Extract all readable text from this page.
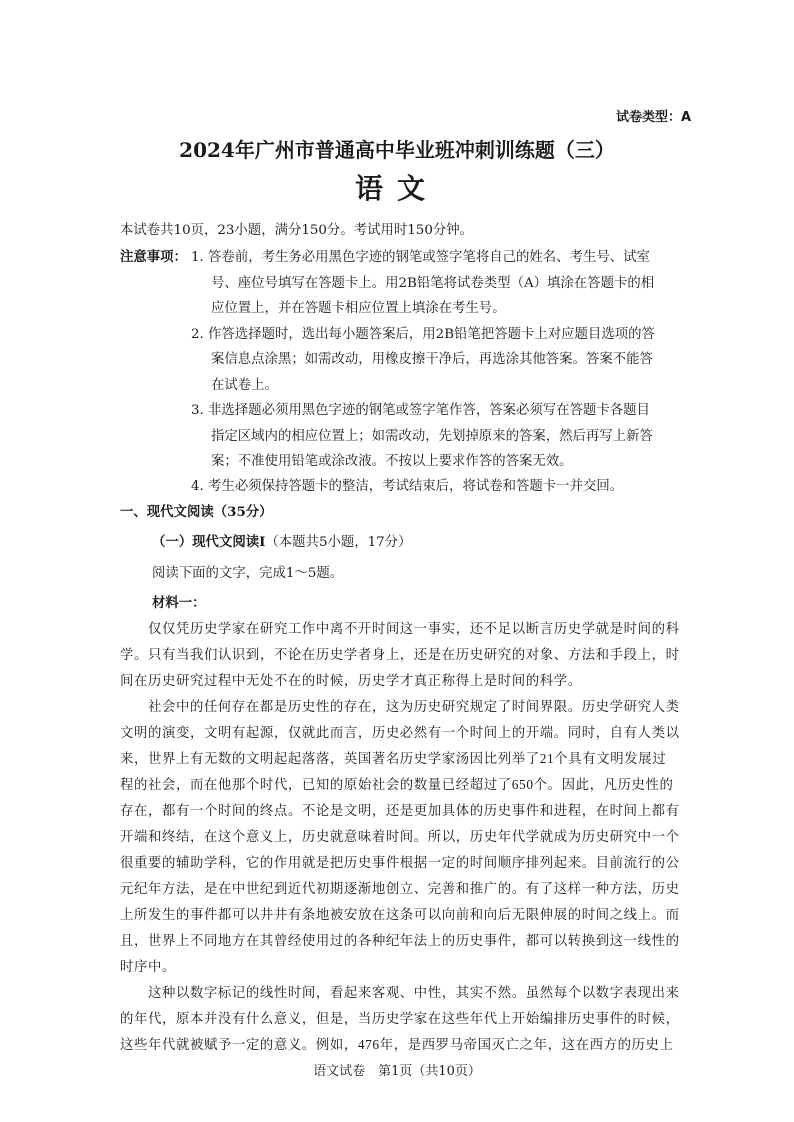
试卷类型：A
2024年广州市普通高中毕业班冲刺训练题（三）
语文
本试卷共10页，23小题，满分150分。考试用时150分钟。
注意事项： 1. 答卷前，考生务必用黑色字迹的钢笔或签字笔将自己的姓名、考生号、试室
号、座位号填写在答题卡上。用2B铅笔将试卷类型（A）填涂在答题卡的相
应位置上，并在答题卡相应位置上填涂在考生号。
2. 作答选择题时，选出每小题答案后，用2B铅笔把答题卡上对应题目选项的答
案信息点涂黑；如需改动，用橡皮擦干净后，再选涂其他答案。答案不能答
在试卷上。
3. 非选择题必须用黑色字迹的钢笔或签字笔作答，答案必须写在答题卡各题目
指定区域内的相应位置上；如需改动，先划掉原来的答案，然后再写上新答
案；不准使用铅笔或涂改液。不按以上要求作答的答案无效。
4. 考生必须保持答题卡的整洁，考试结束后，将试卷和答题卡一并交回。
一、现代文阅读（35分）
（一）现代文阅读Ⅰ（本题共5小题，17分）
阅读下面的文字，完成1～5题。
材料一：
　　仅仅凭历史学家在研究工作中离不开时间这一事实，还不足以断言历史学就是时间的科
学。只有当我们认识到，不论在历史学者身上，还是在历史研究的对象、方法和手段上，时
间在历史研究过程中无处不在的时候，历史学才真正称得上是时间的科学。
　　社会中的任何存在都是历史性的存在，这为历史研究规定了时间界限。历史学研究人类
文明的演变，文明有起源，仅就此而言，历史必然有一个时间上的开端。同时，自有人类以
来，世界上有无数的文明起起落落，英国著名历史学家汤因比列举了21个具有文明发展过
程的社会，而在他那个时代，已知的原始社会的数量已经超过了650个。因此，凡历史性的
存在，都有一个时间的终点。不论是文明，还是更加具体的历史事件和进程，在时间上都有
开端和终结，在这个意义上，历史就意味着时间。所以，历史年代学就成为历史研究中一个
很重要的辅助学科，它的作用就是把历史事件根据一定的时间顺序排列起来。目前流行的公
元纪年方法，是在中世纪到近代初期逐渐地创立、完善和推广的。有了这样一种方法，历史
上所发生的事件都可以井井有条地被安放在这条可以向前和向后无限伸展的时间之线上。而
且，世界上不同地方在其曾经使用过的各种纪年法上的历史事件，都可以转换到这一线性的
时序中。
　　这种以数字标记的线性时间，看起来客观、中性，其实不然。虽然每个以数字表现出来
的年代，原本并没有什么意义，但是，当历史学家在这些年代上开始编排历史事件的时候，
这些年代就被赋予一定的意义。例如，476年，是西罗马帝国灭亡之年，这在西方的历史上
语文试卷　第1页（共10页）
